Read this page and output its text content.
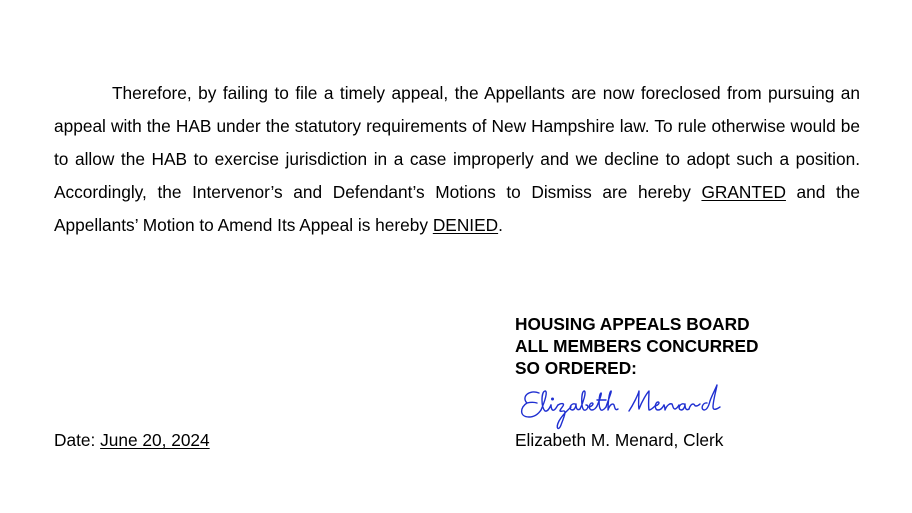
Therefore, by failing to file a timely appeal, the Appellants are now foreclosed from pursuing an appeal with the HAB under the statutory requirements of New Hampshire law. To rule otherwise would be to allow the HAB to exercise jurisdiction in a case improperly and we decline to adopt such a position. Accordingly, the Intervenor’s and Defendant’s Motions to Dismiss are hereby GRANTED and the Appellants’ Motion to Amend Its Appeal is hereby DENIED.

HOUSING APPEALS BOARD
ALL MEMBERS CONCURRED
SO ORDERED:
Elizabeth M. Menard, Clerk
Date: June 20, 2024
